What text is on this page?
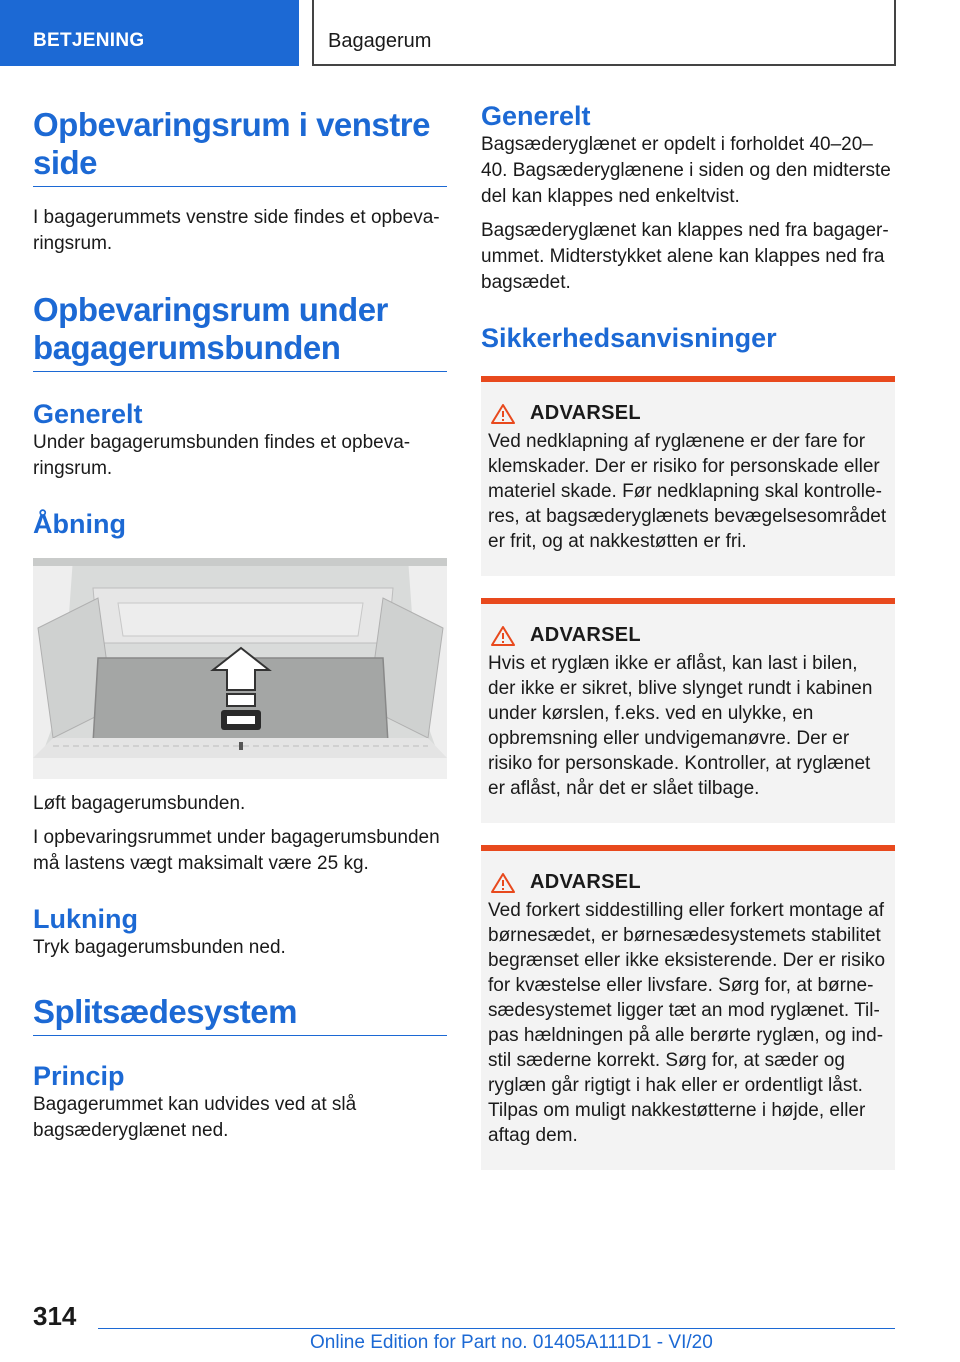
BETJENING	Bagagerum
Opbevaringsrum i venstre side

I bagagerummets venstre side findes et opbevaringsrum.

Opbevaringsrum under bagagerumsbunden
Generelt

Under bagagerumsbunden findes et opbevaringsrum.

Åbning

Løft bagagerumsbunden.

I opbevaringsrummet under bagagerumsbunden må lastens vægt maksimalt være 25 kg.

Lukning

Tryk bagagerumsbunden ned.

Splitsædesystem
Princip

Bagagerummet kan udvides ved at slå bagsæderyglænet ned.

Generelt

Bagsæderyglænet er opdelt i forholdet 40–20–40. Bagsæderyglænene i siden og den midterste del kan klappes ned enkeltvist.

Bagsæderyglænet kan klappes ned fra bagagerummet. Midterstykket alene kan klappes ned fra bagsædet.

Sikkerhedsanvisninger
ADVARSEL

Ved nedklapning af ryglænene er der fare for klemskader. Der er risiko for personskade eller materiel skade. Før nedklapning skal kontrolleres, at bagsæderyglænets bevægelsesområdet er frit, og at nakkestøtten er fri.

ADVARSEL

Hvis et ryglæn ikke er aflåst, kan last i bilen, der ikke er sikret, blive slynget rundt i kabinen under kørslen, f.eks. ved en ulykke, en opbremsning eller undvigemanøvre. Der er risiko for personskade. Kontroller, at ryglænet er aflåst, når det er slået tilbage.

ADVARSEL

Ved forkert siddestilling eller forkert montage af børnesædet, er børnesædesystemets stabilitet begrænset eller ikke eksisterende. Der er risiko for kvæstelse eller livsfare. Sørg for, at børnesædesystemet ligger tæt an mod ryglænet. Tilpas hældningen på alle berørte ryglæn, og indstil sæderne korrekt. Sørg for, at sæder og ryglæn går rigtigt i hak eller er ordentligt låst. Tilpas om muligt nakkestøtterne i højde, eller aftag dem.

314
Online Edition for Part no. 01405A111D1 - VI/20
